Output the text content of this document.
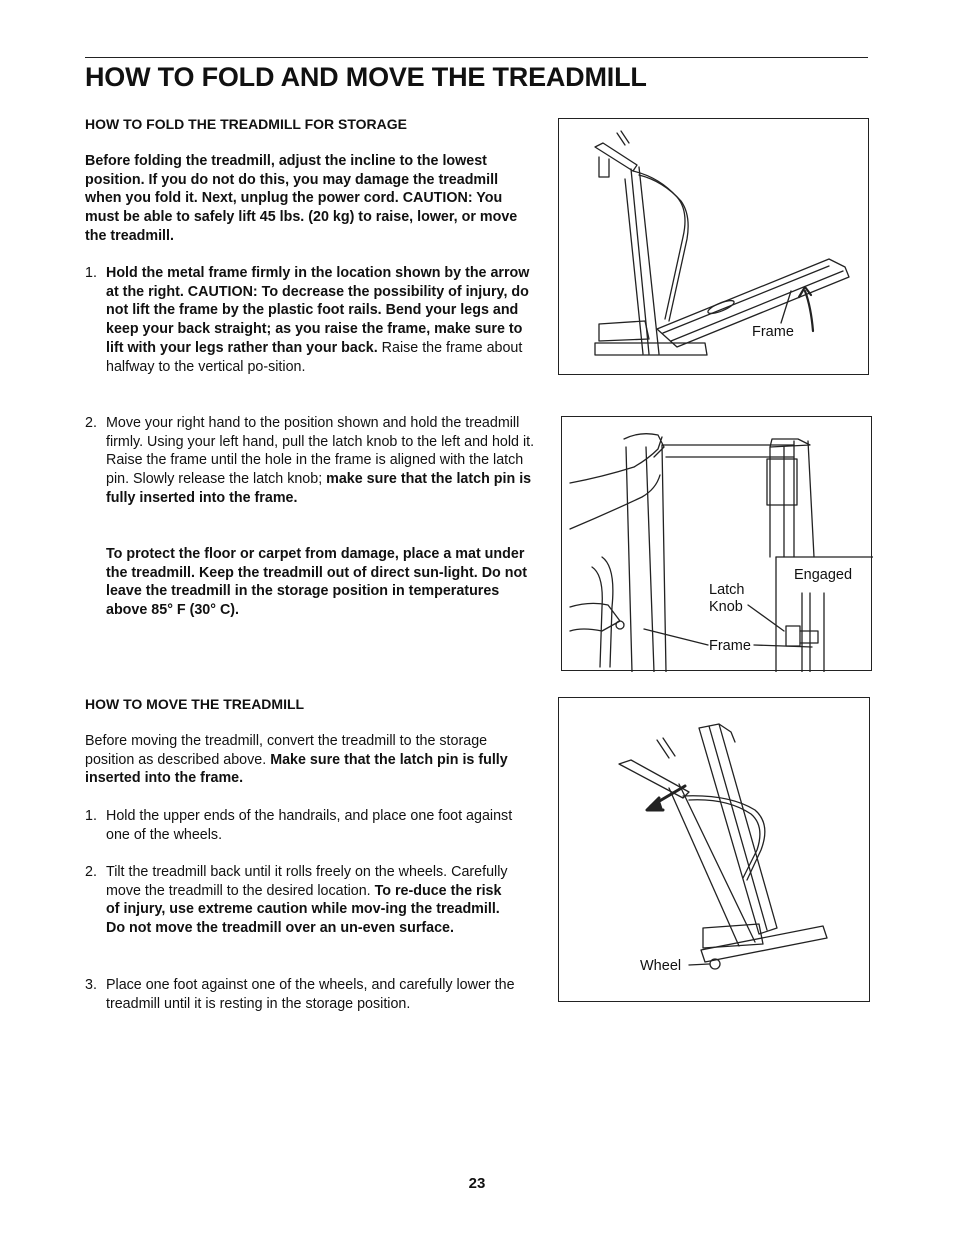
HOW TO FOLD AND MOVE THE TREADMILL
HOW TO FOLD THE TREADMILL FOR STORAGE

Before folding the treadmill, adjust the incline to the lowest position. If you do not do this, you may damage the treadmill when you fold it. Next, unplug the power cord. CAUTION: You must be able to safely lift 45 lbs. (20 kg) to raise, lower, or move the treadmill.

1. Hold the metal frame firmly in the location shown by the arrow at the right. CAUTION: To decrease the possibility of injury, do not lift the frame by the plastic foot rails. Bend your legs and keep your back straight; as you raise the frame, make sure to lift with your legs rather than your back. Raise the frame about halfway to the vertical po-sition.
2. Move your right hand to the position shown and hold the treadmill firmly. Using your left hand, pull the latch knob to the left and hold it. Raise the frame until the hole in the frame is aligned with the latch pin. Slowly release the latch knob; make sure that the latch pin is fully inserted into the frame.
To protect the floor or carpet from damage, place a mat under the treadmill. Keep the treadmill out of direct sun-light. Do not leave the treadmill in the storage position in temperatures above 85° F (30° C).
HOW TO MOVE THE TREADMILL

Before moving the treadmill, convert the treadmill to the storage position as described above. Make sure that the latch pin is fully inserted into the frame.

1. Hold the upper ends of the handrails, and place one foot against one of the wheels.
2. Tilt the treadmill back until it rolls freely on the wheels. Carefully move the treadmill to the desired location. To re-duce the risk of injury, use extreme caution while mov-ing the treadmill. Do not move the treadmill over an un-even surface.
3. Place one foot against one of the wheels, and carefully lower the treadmill until it is resting in the storage position.
Frame
Engaged
Latch
Knob
Frame
Wheel
23
